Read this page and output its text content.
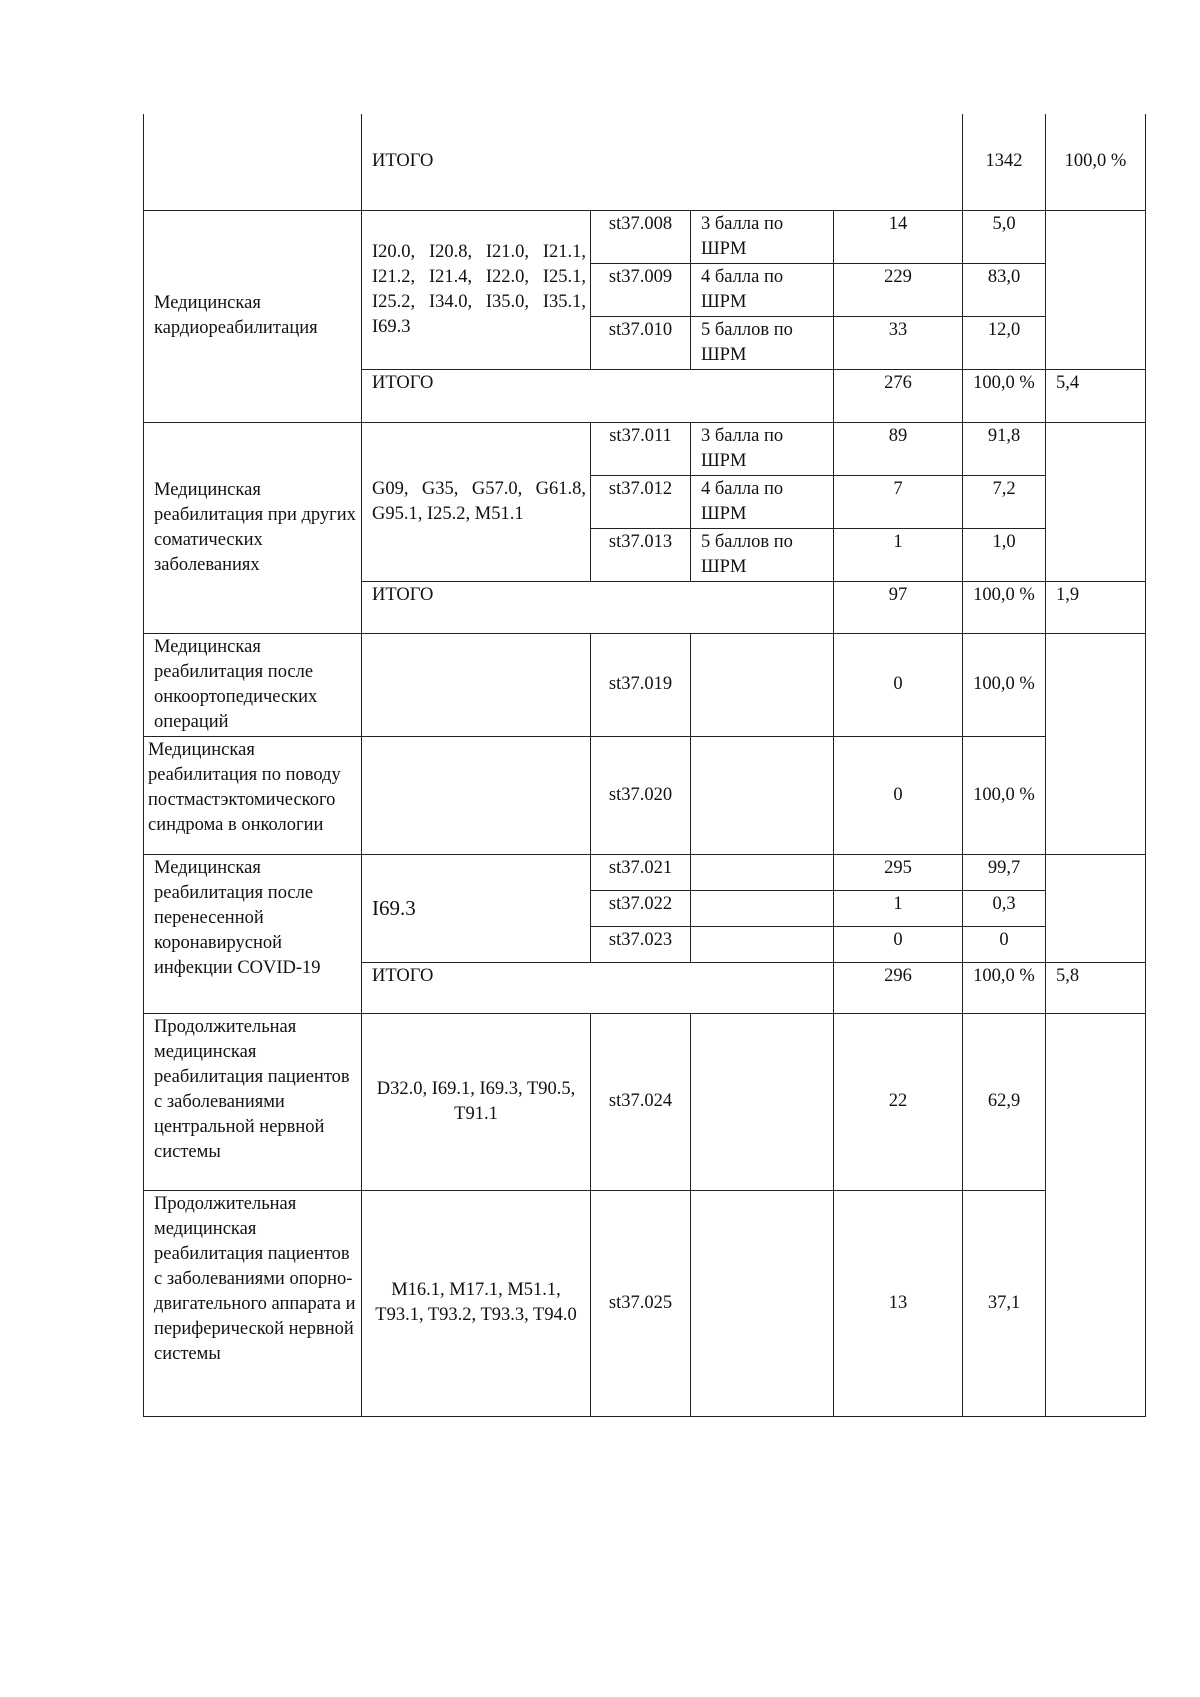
	ИТОГО				1342	100,0 %	
Медицинская кардиореабилитация	I20.0, I20.8, I21.0, I21.1, I21.2, I21.4, I22.0, I25.1, I25.2, I34.0, I35.0, I35.1, I69.3	st37.008	3 балла по ШРМ	14	5,0		
		st37.009	4 балла по ШРМ	229	83,0		
		st37.010	5 баллов по ШРМ	33	12,0		
	ИТОГО			276	100,0 %	5,4	
Медицинская реабилитация при других соматических заболеваниях	G09, G35, G57.0, G61.8, G95.1, I25.2, M51.1	st37.011	3 балла по ШРМ	89	91,8		
		st37.012	4 балла по ШРМ	7	7,2		
		st37.013	5 баллов по ШРМ	1	1,0		
	ИТОГО			97	100,0 %	1,9	
Медицинская реабилитация после онкоортопедических операций		st37.019		0	100,0 %		
Медицинская реабилитация по поводу постмастэктомического синдрома в онкологии		st37.020		0	100,0 %		
Медицинская реабилитация после перенесенной коронавирусной инфекции COVID-19	I69.3	st37.021		295	99,7		
		st37.022		1	0,3		
		st37.023		0	0		
	ИТОГО			296	100,0 %	5,8	
Продолжительная медицинская реабилитация пациентов с заболеваниями центральной нервной системы	D32.0, I69.1, I69.3, T90.5, T91.1	st37.024		22	62,9		
Продолжительная медицинская реабилитация пациентов с заболеваниями опорно-двигательного аппарата и периферической нервной системы	M16.1, M17.1, M51.1, T93.1, T93.2, T93.3, T94.0	st37.025		13	37,1		
